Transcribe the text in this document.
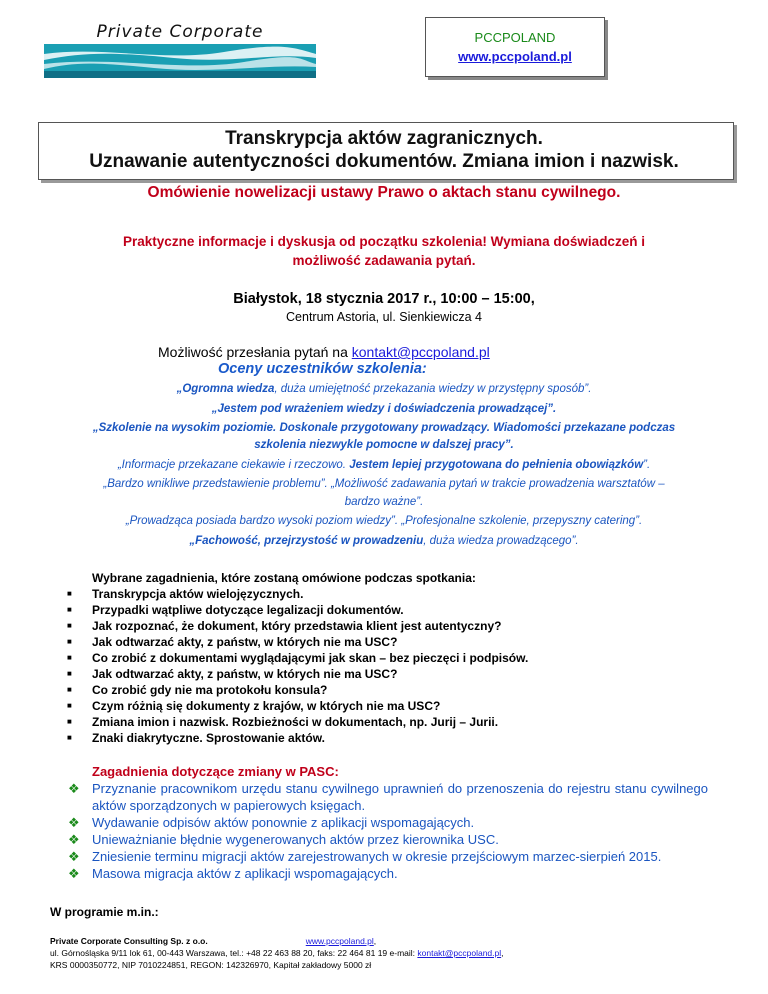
Private Corporate	PCCPOLAND
www.pccpoland.pl
Transkrypcja aktów zagranicznych.
Uznawanie autentyczności dokumentów. Zmiana imion i nazwisk.
Omówienie nowelizacji ustawy Prawo o aktach stanu cywilnego.
Praktyczne informacje i dyskusja od początku szkolenia! Wymiana doświadczeń i
możliwość zadawania pytań.
Białystok, 18 stycznia 2017 r., 10:00 – 15:00,
Centrum Astoria, ul. Sienkiewicza 4
Możliwość przesłania pytań na kontakt@pccpoland.pl
Oceny uczestników szkolenia:
„Ogromna wiedza, duża umiejętność przekazania wiedzy w przystępny sposób”.
„Jestem pod wrażeniem wiedzy i doświadczenia prowadzącej”.
„Szkolenie na wysokim poziomie. Doskonale przygotowany prowadzący. Wiadomości przekazane podczas
szkolenia niezwykle pomocne w dalszej pracy”.
„Informacje przekazane ciekawie i rzeczowo. Jestem lepiej przygotowana do pełnienia obowiązków”.
„Bardzo wnikliwe przedstawienie problemu”. „Możliwość zadawania pytań w trakcie prowadzenia warsztatów –
bardzo ważne”.
„Prowadząca posiada bardzo wysoki poziom wiedzy”. „Profesjonalne szkolenie, przepyszny catering”.
„Fachowość, przejrzystość w prowadzeniu, duża wiedza prowadzącego”.
Wybrane zagadnienia, które zostaną omówione podczas spotkania:
■ Transkrypcja aktów wielojęzycznych.
■ Przypadki wątpliwe dotyczące legalizacji dokumentów.
■ Jak rozpoznać, że dokument, który przedstawia klient jest autentyczny?
■ Jak odtwarzać akty, z państw, w których nie ma USC?
■ Co zrobić z dokumentami wyglądającymi jak skan – bez pieczęci i podpisów.
■ Jak odtwarzać akty, z państw, w których nie ma USC?
■ Co zrobić gdy nie ma protokołu konsula?
■ Czym różnią się dokumenty z krajów, w których nie ma USC?
■ Zmiana imion i nazwisk. Rozbieżności w dokumentach, np. Jurij – Jurii.
■ Znaki diakrytyczne. Sprostowanie aktów.
Zagadnienia dotyczące zmiany w PASC:
❖ Przyznanie pracownikom urzędu stanu cywilnego uprawnień do przenoszenia do rejestru stanu cywilnego aktów sporządzonych w papierowych księgach.
❖ Wydawanie odpisów aktów ponownie z aplikacji wspomagających.
❖ Unieważnianie błędnie wygenerowanych aktów przez kierownika USC.
❖ Zniesienie terminu migracji aktów zarejestrowanych w okresie przejściowym marzec-sierpień 2015.
❖ Masowa migracja aktów z aplikacji wspomagających.
W programie m.in.:
Private Corporate Consulting Sp. z o.o.	www.pccpoland.pl,
ul. Górnośląska 9/11 lok 61, 00-443 Warszawa, tel.: +48 22 463 88 20, faks: 22 464 81 19 e-mail: kontakt@pccpoland.pl,
KRS 0000350772, NIP 7010224851, REGON: 142326970, Kapitał zakładowy 5000 zł
